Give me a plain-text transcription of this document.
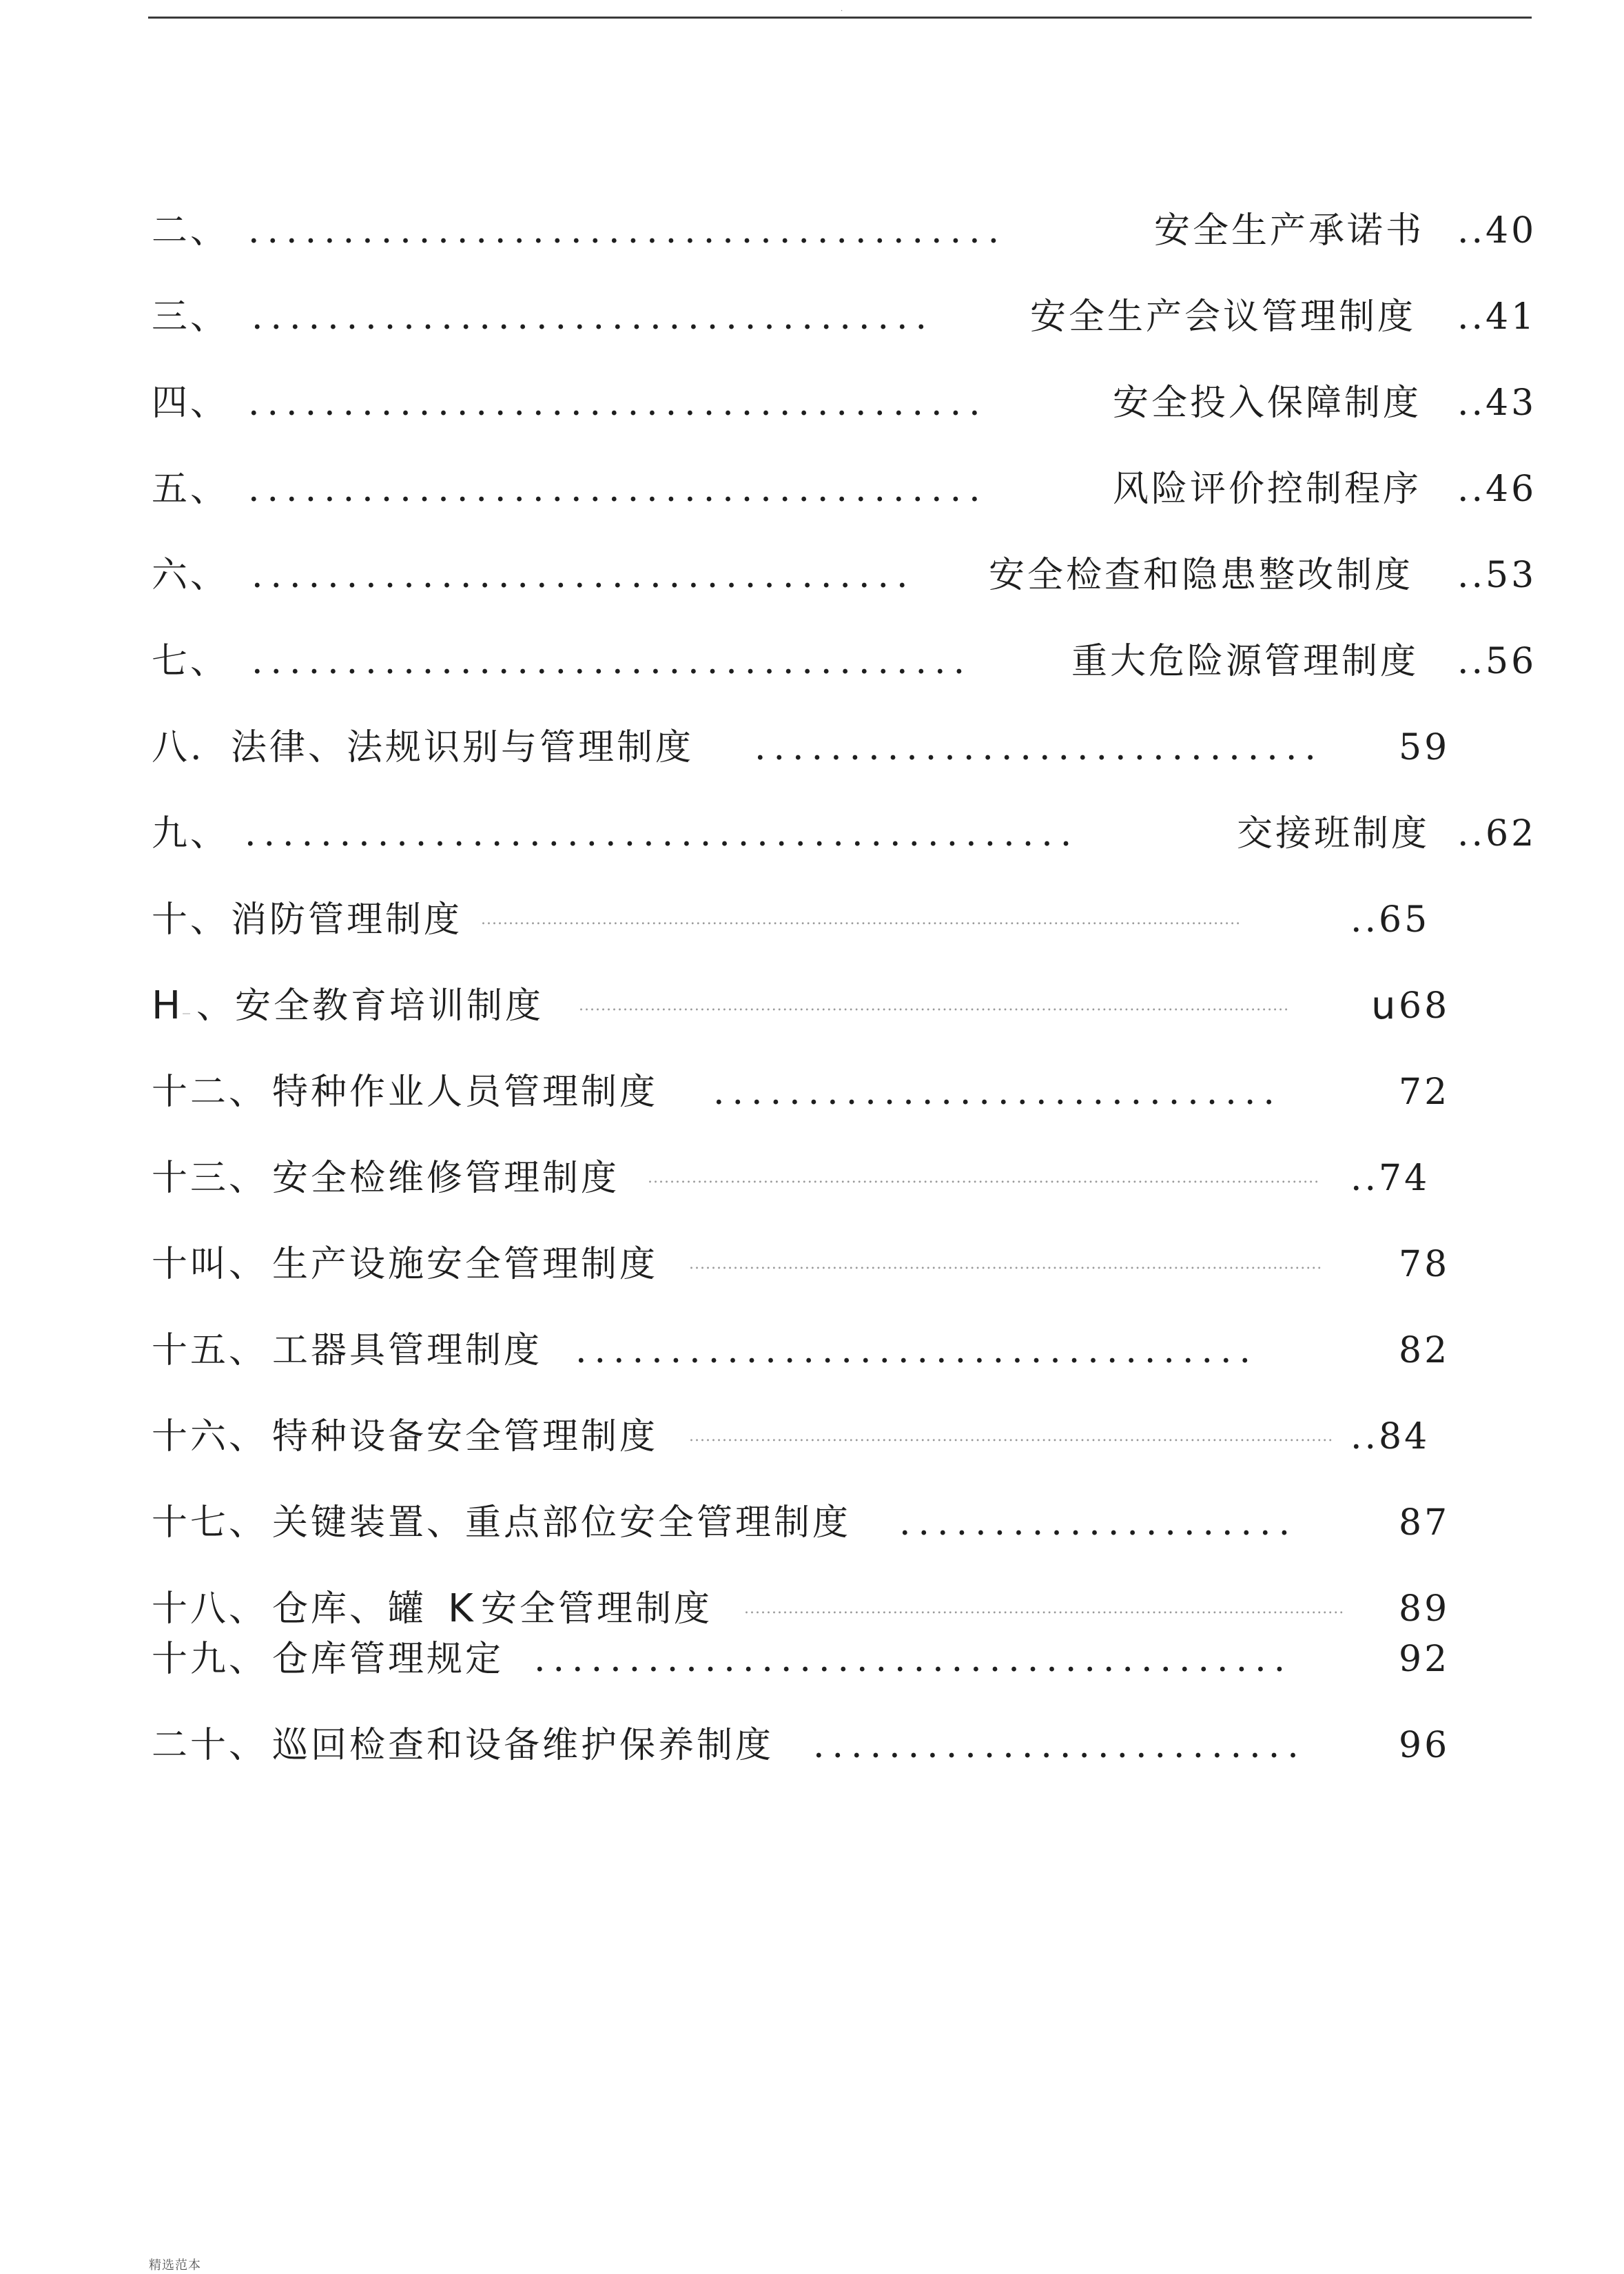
.
二、 ........................................	安全生产承诺书 ..40
三、 ....................................	安全生产会议管理制度 ..41
四、 .......................................	安全投入保障制度 ..43
五、 .......................................	风险评价控制程序 ..46
六、 ................................... 安全检查和隐患整改制度 ..53
七、 ......................................	重大危险源管理制度 ..56
八. 法律、法规识别与管理制度 .............................. 59
九、 ............................................	交接班制度 ..62
十、 消防管理制度 ..........................................................................................................................................	..65
H _ 、安全教育培训制度 ................................................................................................................................. u 68
十二、 特种作业人员管理制度 ..............................	72
十三、 安全检维修管理制度 .......................................................................................................................... ..74
十叫、 生产设施安全管理制度 ................................................................................................................... 78
十五、 工器具管理制度 ....................................	82
十六、 特种设备安全管理制度 ..................................................................................................................... ..84
十七、 关键装置、重点部位安全管理制度 .....................	87
十八、 仓库、罐 K 安全管理制度 ............................................................................................................. 89
十九、 仓库管理规定 ........................................	92
二十、 巡回检查和设备维护保养制度 ..........................	96
精选范本
